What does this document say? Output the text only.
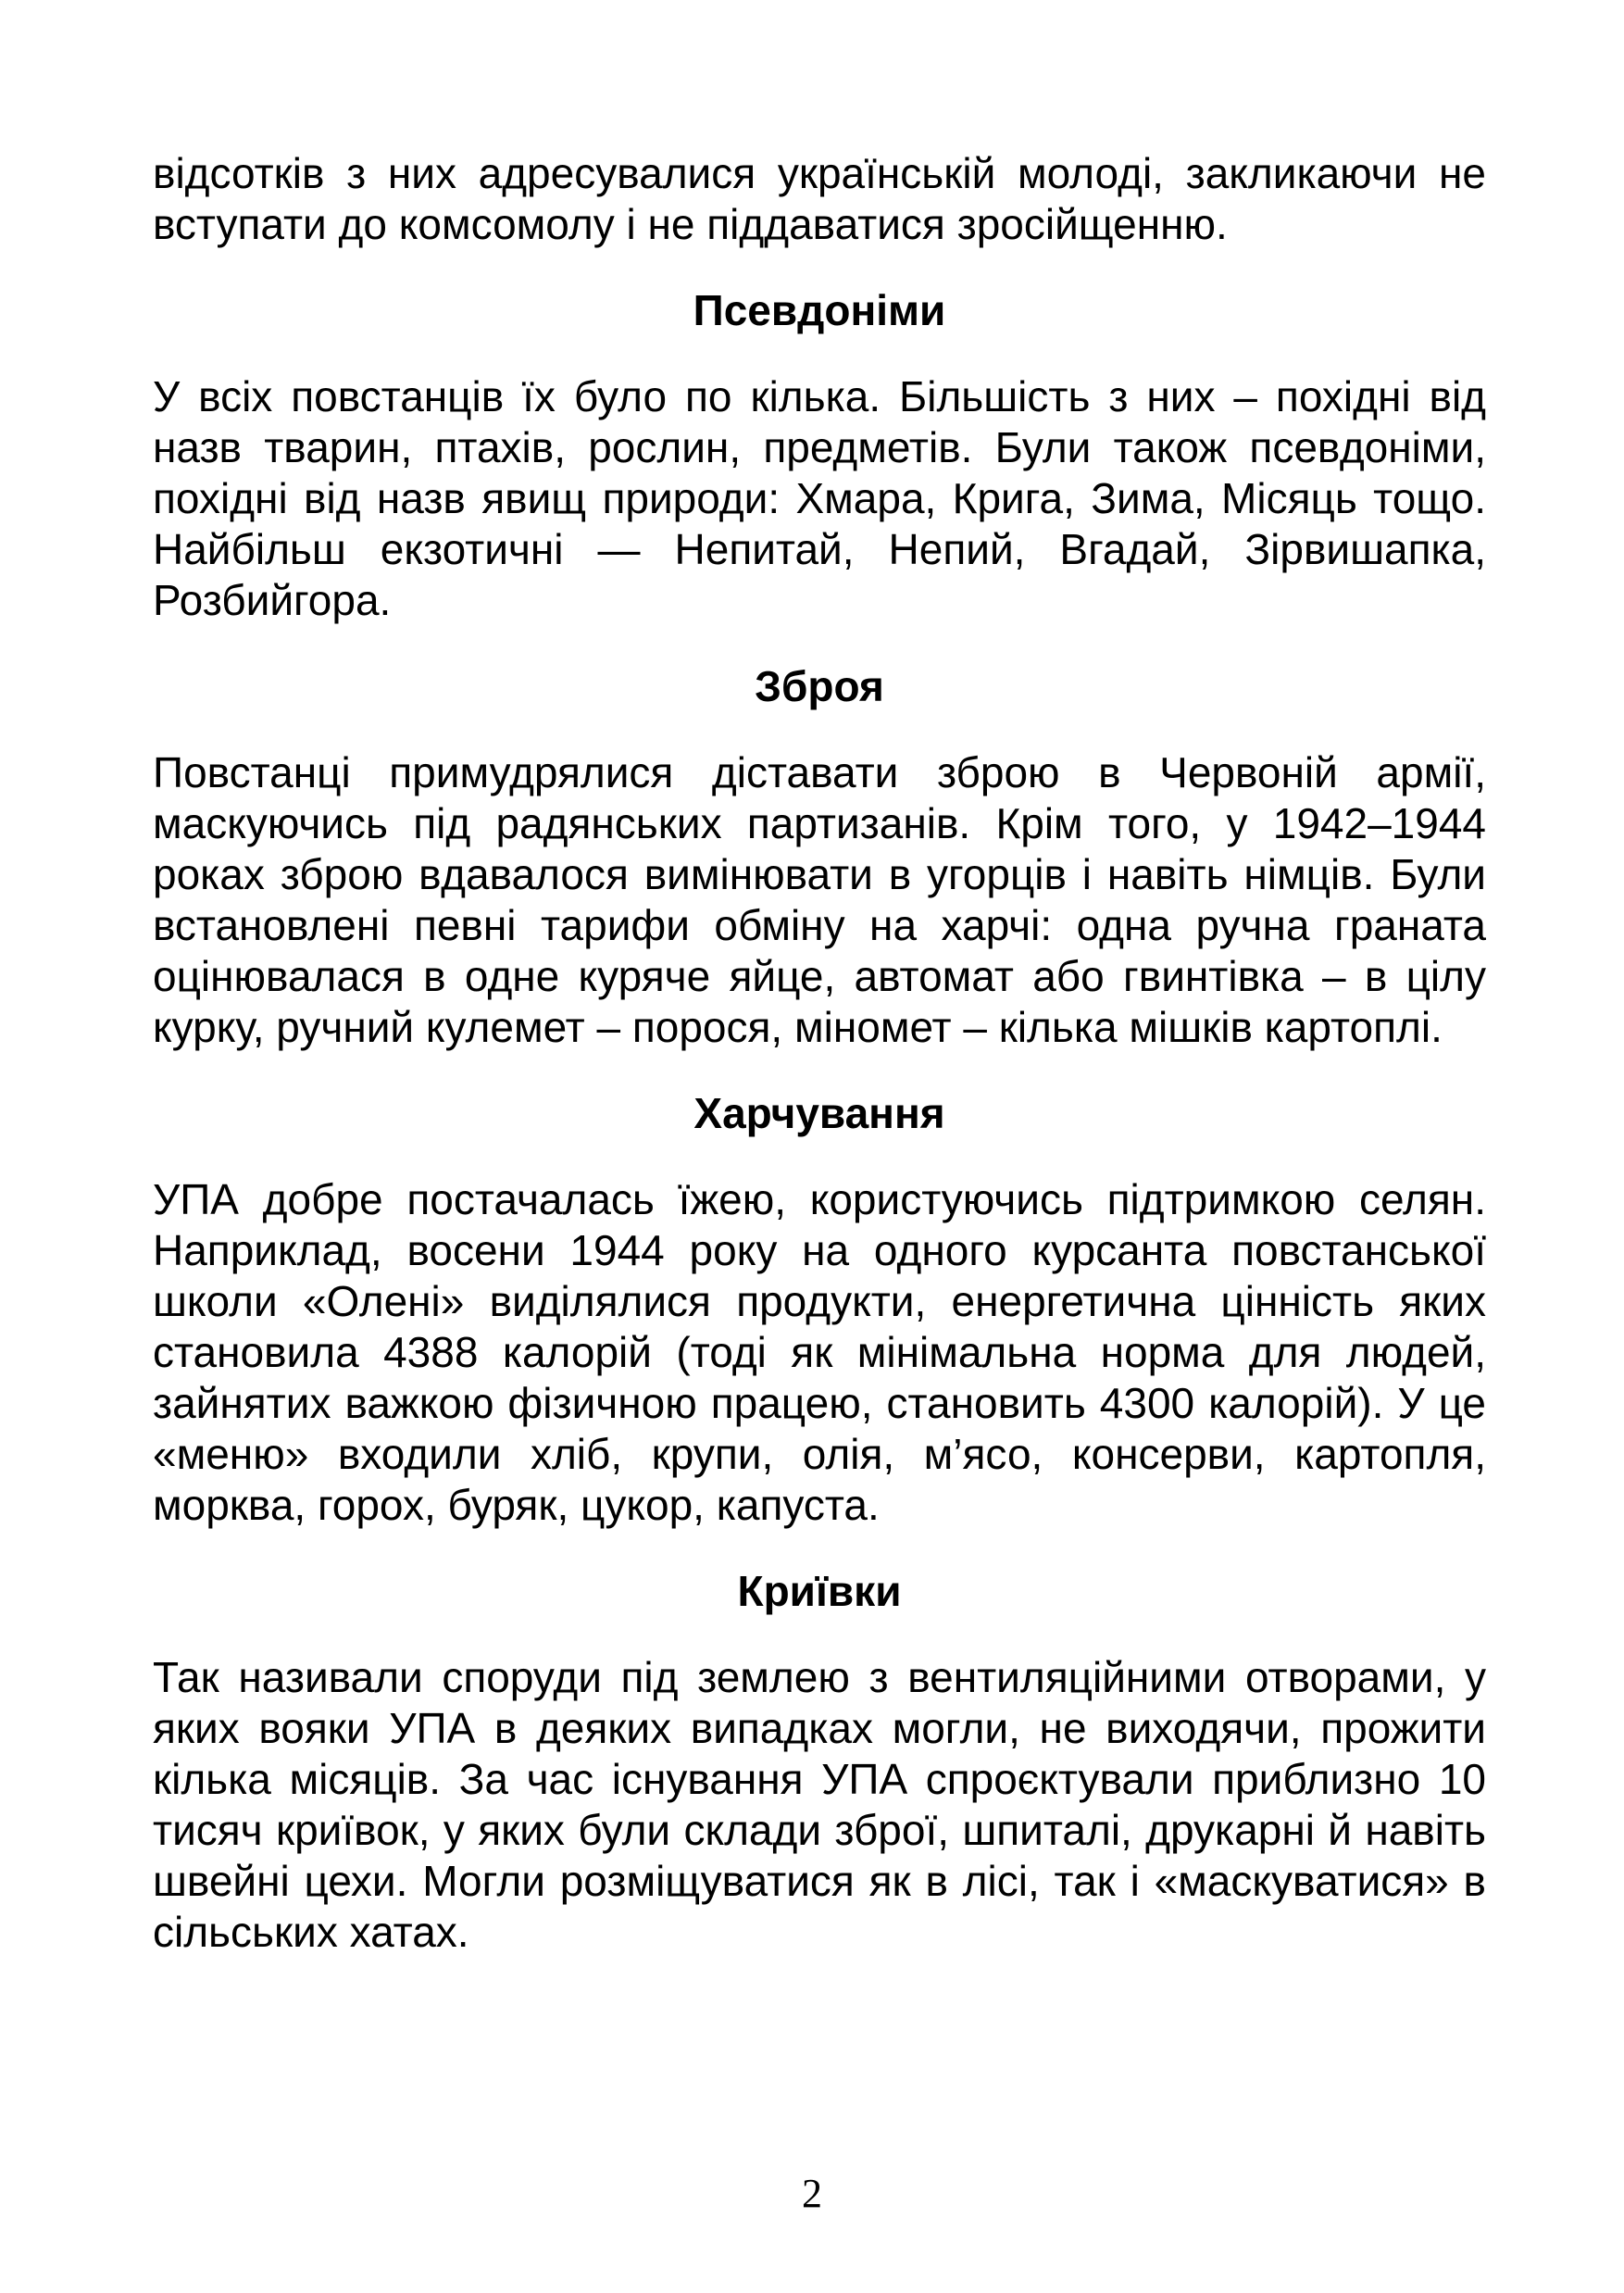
відсотків з них адресувалися українській молоді, закликаючи не вступати до комсомолу і не піддаватися зросійщенню.

Псевдоніми

У всіх повстанців їх було по кілька. Більшість з них – похідні від назв тварин, птахів, рослин, предметів. Були також псевдоніми, похідні від назв явищ природи: Хмара, Крига, Зима, Місяць тощо. Найбільш екзотичні — Непитай, Непий, Вгадай, Зірвишапка, Розбийгора.

Зброя

Повстанці примудрялися діставати зброю в Червоній армії, маскуючись під радянських партизанів. Крім того, у 1942–1944 роках зброю вдавалося вимінювати в угорців і навіть німців. Були встановлені певні тарифи обміну на харчі: одна ручна граната оцінювалася в одне куряче яйце, автомат або гвинтівка – в цілу курку, ручний кулемет – порося, міномет – кілька мішків картоплі.

Харчування

УПА добре постачалась їжею, користуючись підтримкою селян. Наприклад, восени 1944 року на одного курсанта повстанської школи «Олені» виділялися продукти, енергетична цінність яких становила 4388 калорій (тоді як мінімальна норма для людей, зайнятих важкою фізичною працею, становить 4300 калорій). У це «меню» входили хліб, крупи, олія, м’ясо, консерви, картопля, морква, горох, буряк, цукор, капуста.

Криївки

Так називали споруди під землею з вентиляційними отворами, у яких вояки УПА в деяких випадках могли, не виходячи, прожити кілька місяців. За час існування УПА спроєктували приблизно 10 тисяч криївок, у яких були склади зброї, шпиталі, друкарні й навіть швейні цехи. Могли розміщуватися як в лісі, так і «маскуватися» в сільських хатах.

2
